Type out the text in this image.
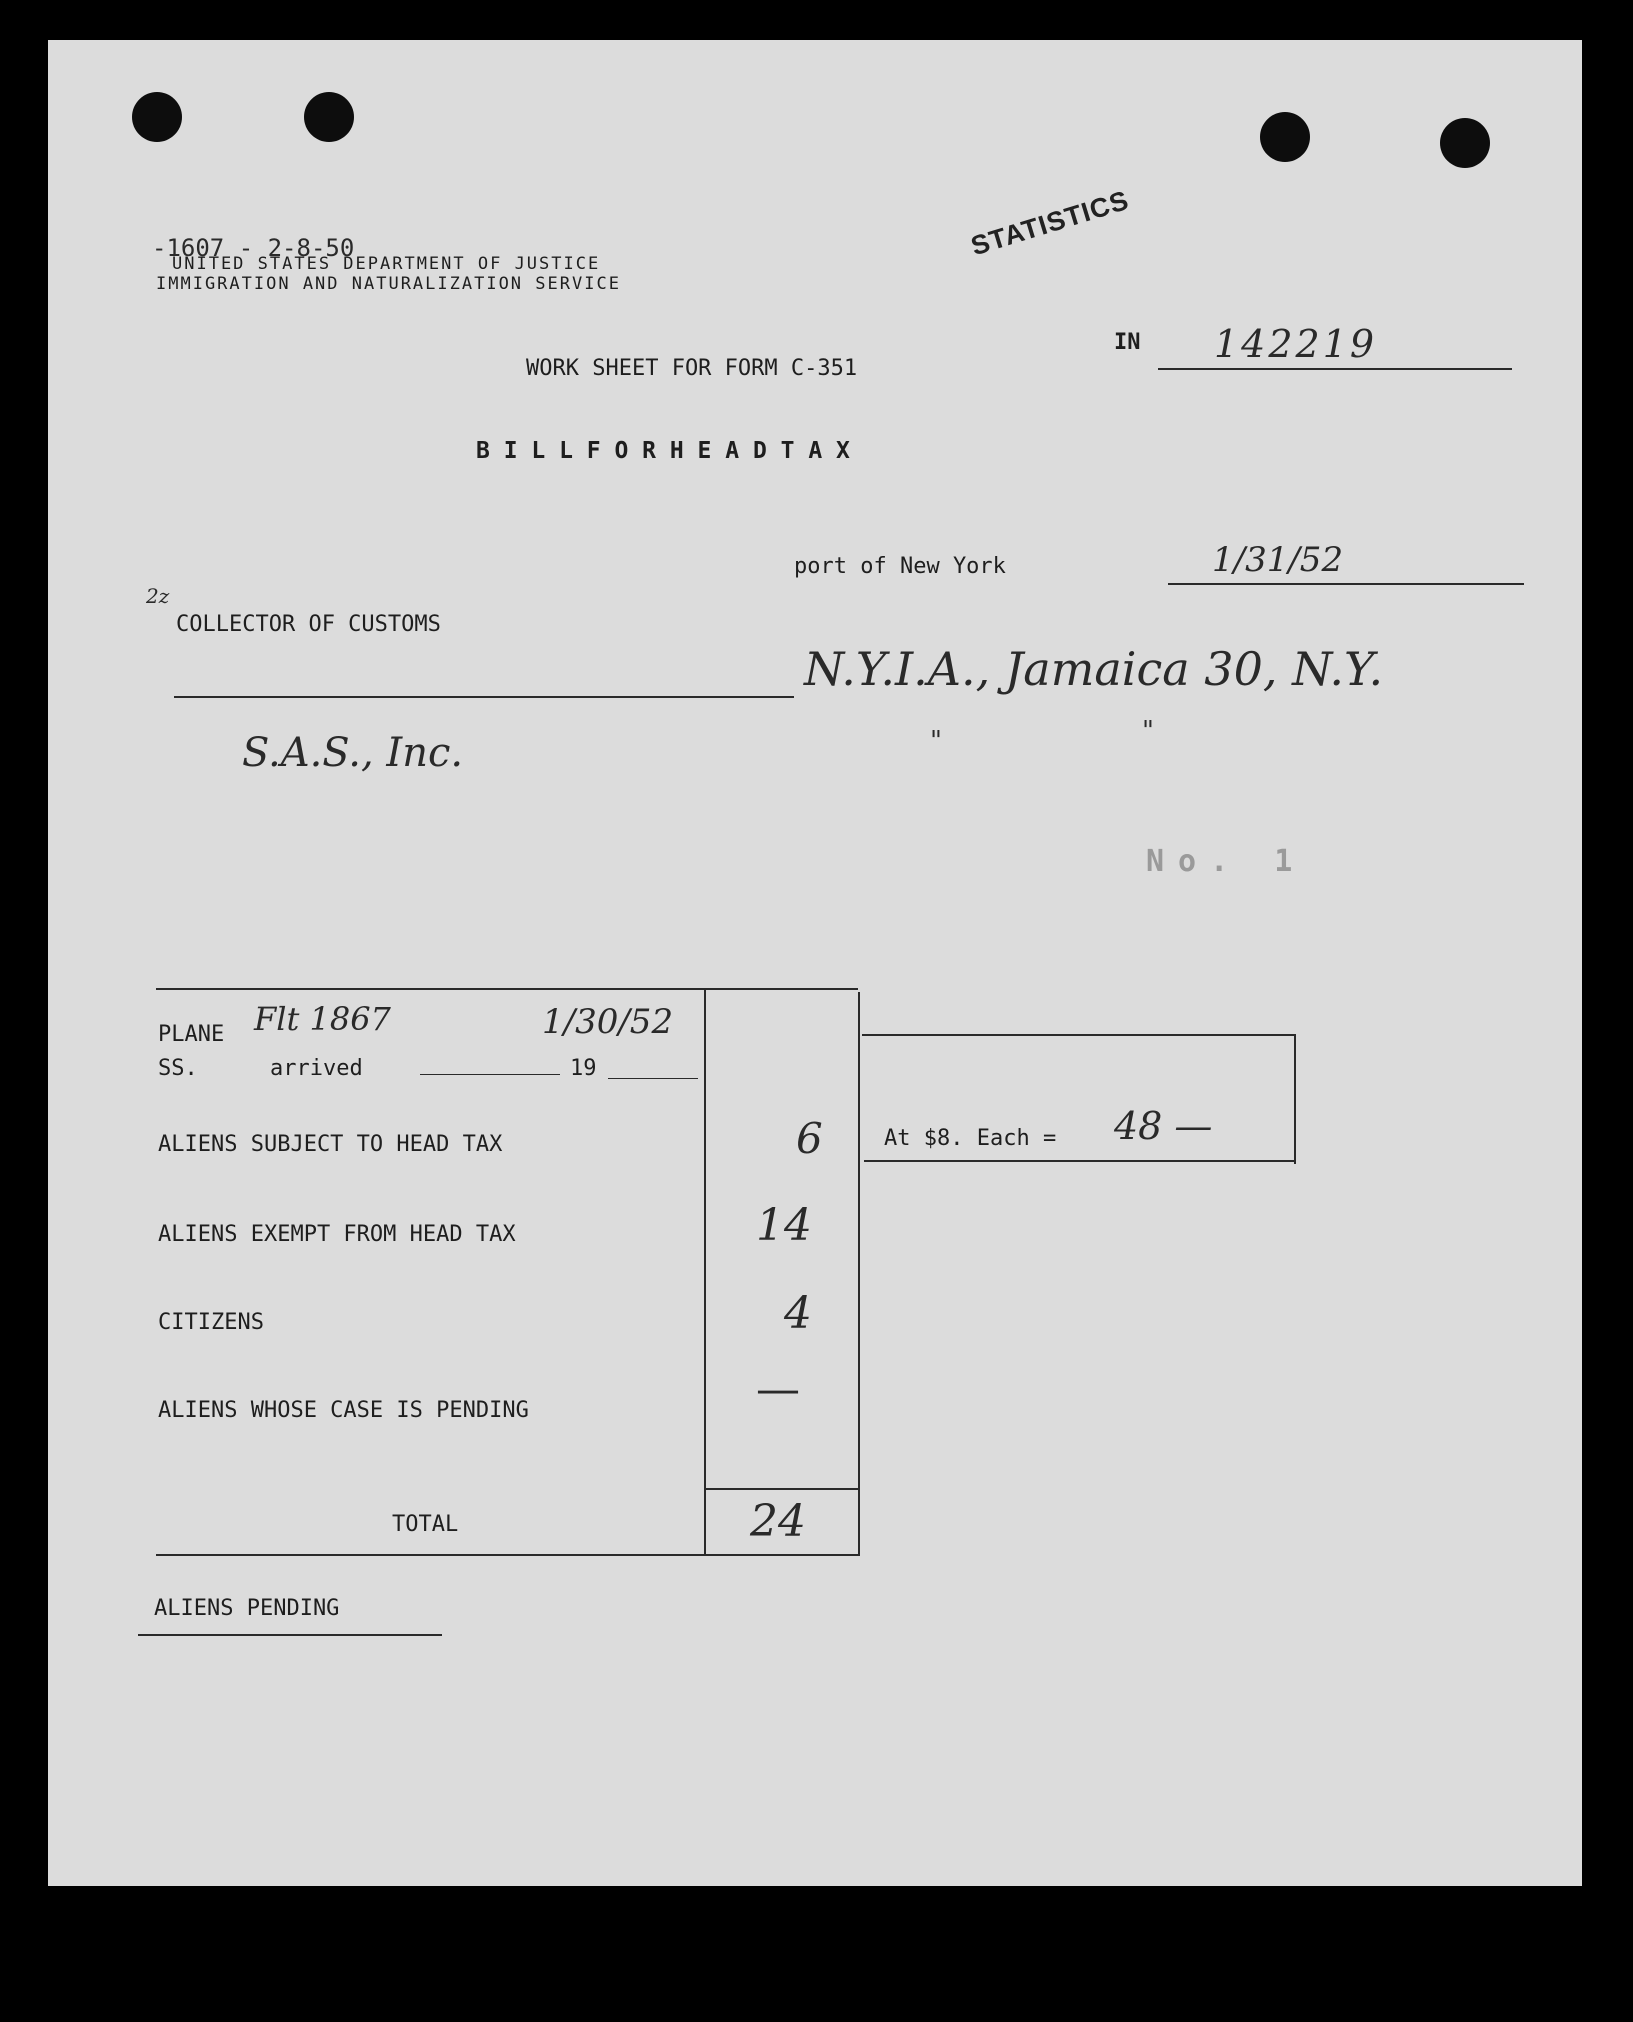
-1607 - 2-8-50
UNITED STATES DEPARTMENT OF JUSTICE
IMMIGRATION AND NATURALIZATION SERVICE
STATISTICS
IN 142219
WORK SHEET FOR FORM C-351
B I L L F O R H E A D T A X
port of New York	1/31/52
2z
COLLECTOR OF CUSTOMS
N.Y.I.A., Jamaica 30, N.Y.
"	"
S.A.S., Inc.
No. 1
At $8. Each = 48 —
PLANE Flt 1867	1/30/52
SS.	arrived	19
ALIENS SUBJECT TO HEAD TAX	6
ALIENS EXEMPT FROM HEAD TAX	14
CITIZENS	4
ALIENS WHOSE CASE IS PENDING	—
TOTAL	24
ALIENS PENDING
